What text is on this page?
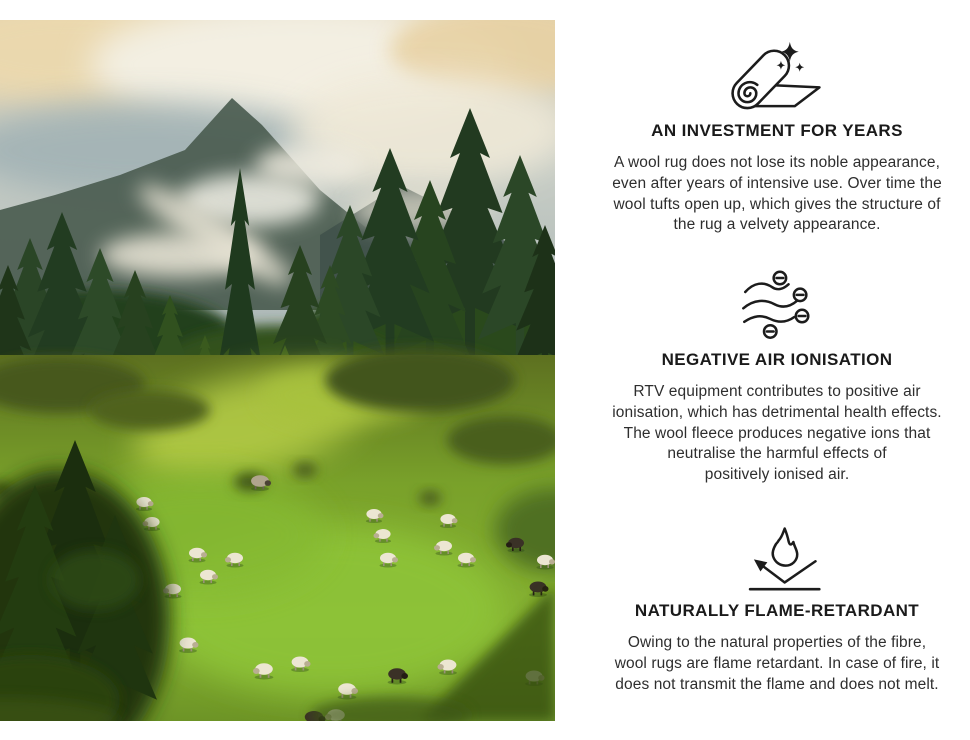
AN INVESTMENT FOR YEARS

A wool rug does not lose its noble appearance,
even after years of intensive use. Over time the
wool tufts open up, which gives the structure of
the rug a velvety appearance.

NEGATIVE AIR IONISATION

RTV equipment contributes to positive air
ionisation, which has detrimental health effects.
The wool fleece produces negative ions that
neutralise the harmful effects of
positively ionised air.

NATURALLY FLAME-RETARDANT

Owing to the natural properties of the fibre,
wool rugs are flame retardant. In case of fire, it
does not transmit the flame and does not melt.
